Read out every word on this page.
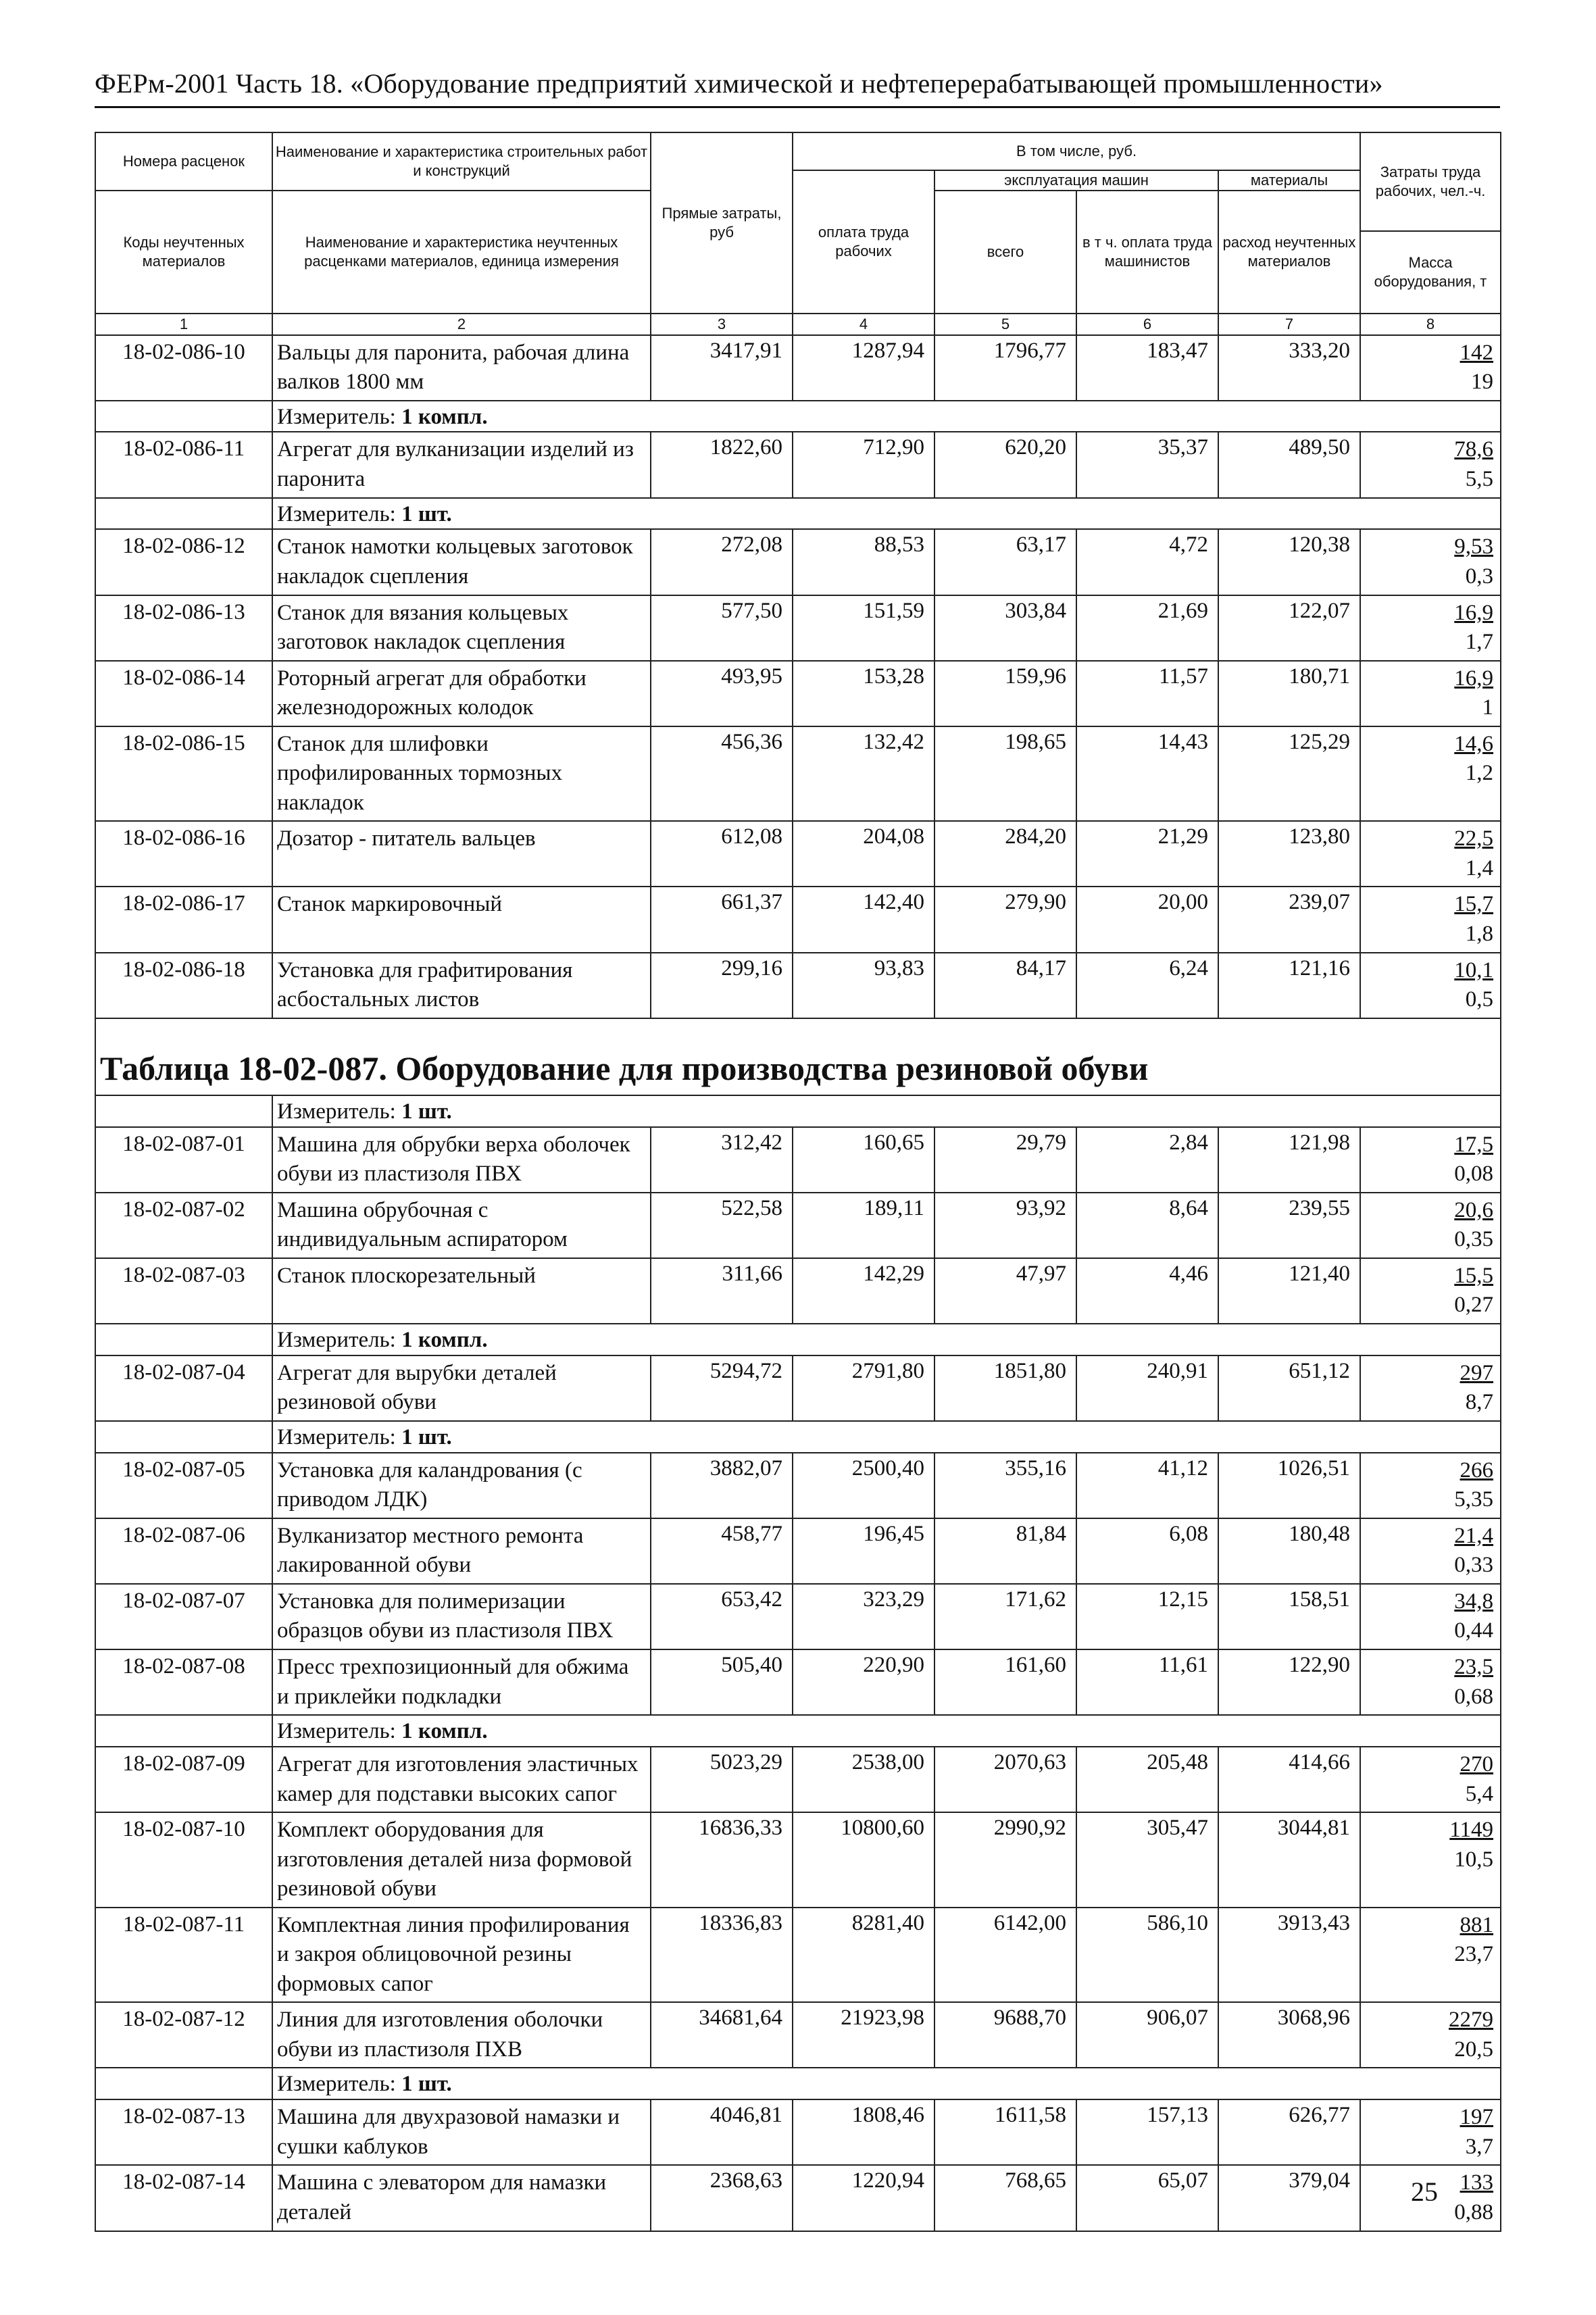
ФЕРм-2001 Часть 18. «Оборудование предприятий химической и нефтеперерабатывающей промышленности»
Номера расценок	Наименование и характеристика строительных работ и конструкций	Прямые затраты, руб	В том числе, руб.				Затраты труда рабочих, чел.-ч.
			оплата труда рабочих	эксплуатация машин		материалы	
Коды неучтенных материалов	Наименование и характеристика неучтенных расценками материалов, единица измерения			всего	в т ч. оплата труда машинистов	расход неучтенных материалов	
							Масса оборудования, т
1	2	3	4	5	6	7	8
18-02-086-10	Вальцы для паронита, рабочая длина валков 1800 мм	3417,91	1287,94	1796,77	183,47	333,20	142
19

	Измеритель: 1 компл.						
18-02-086-11	Агрегат для вулканизации изделий из паронита	1822,60	712,90	620,20	35,37	489,50	78,6
5,5

	Измеритель: 1 шт.						
18-02-086-12	Станок намотки кольцевых заготовок накладок сцепления	272,08	88,53	63,17	4,72	120,38	9,53
0,3

18-02-086-13	Станок для вязания кольцевых заготовок накладок сцепления	577,50	151,59	303,84	21,69	122,07	16,9
1,7

18-02-086-14	Роторный агрегат для обработки железнодорожных колодок	493,95	153,28	159,96	11,57	180,71	16,9
1

18-02-086-15	Станок для шлифовки профилированных тормозных накладок	456,36	132,42	198,65	14,43	125,29	14,6
1,2

18-02-086-16	Дозатор - питатель вальцев	612,08	204,08	284,20	21,29	123,80	22,5
1,4

18-02-086-17	Станок маркировочный	661,37	142,40	279,90	20,00	239,07	15,7
1,8

18-02-086-18	Установка для графитирования асбостальных листов	299,16	93,83	84,17	6,24	121,16	10,1
0,5

Таблица 18-02-087. Оборудование для производства резиновой обуви							
	Измеритель: 1 шт.						
18-02-087-01	Машина для обрубки верха оболочек обуви из пластизоля ПВХ	312,42	160,65	29,79	2,84	121,98	17,5
0,08

18-02-087-02	Машина обрубочная с индивидуальным аспиратором	522,58	189,11	93,92	8,64	239,55	20,6
0,35

18-02-087-03	Станок плоскорезательный	311,66	142,29	47,97	4,46	121,40	15,5
0,27

	Измеритель: 1 компл.						
18-02-087-04	Агрегат для вырубки деталей резиновой обуви	5294,72	2791,80	1851,80	240,91	651,12	297
8,7

	Измеритель: 1 шт.						
18-02-087-05	Установка для каландрования (с приводом ЛДК)	3882,07	2500,40	355,16	41,12	1026,51	266
5,35

18-02-087-06	Вулканизатор местного ремонта лакированной обуви	458,77	196,45	81,84	6,08	180,48	21,4
0,33

18-02-087-07	Установка для полимеризации образцов обуви из пластизоля ПВХ	653,42	323,29	171,62	12,15	158,51	34,8
0,44

18-02-087-08	Пресс трехпозиционный для обжима и приклейки подкладки	505,40	220,90	161,60	11,61	122,90	23,5
0,68

	Измеритель: 1 компл.						
18-02-087-09	Агрегат для изготовления эластичных камер для подставки высоких сапог	5023,29	2538,00	2070,63	205,48	414,66	270
5,4

18-02-087-10	Комплект оборудования для изготовления деталей низа формовой резиновой обуви	16836,33	10800,60	2990,92	305,47	3044,81	1149
10,5

18-02-087-11	Комплектная линия профилирования и закроя облицовочной резины формовых сапог	18336,83	8281,40	6142,00	586,10	3913,43	881
23,7

18-02-087-12	Линия для изготовления оболочки обуви из пластизоля ПХВ	34681,64	21923,98	9688,70	906,07	3068,96	2279
20,5

	Измеритель: 1 шт.						
18-02-087-13	Машина для двухразовой намазки и сушки каблуков	4046,81	1808,46	1611,58	157,13	626,77	197
3,7

18-02-087-14	Машина с элеватором для намазки деталей	2368,63	1220,94	768,65	65,07	379,04	133
0,88
25
